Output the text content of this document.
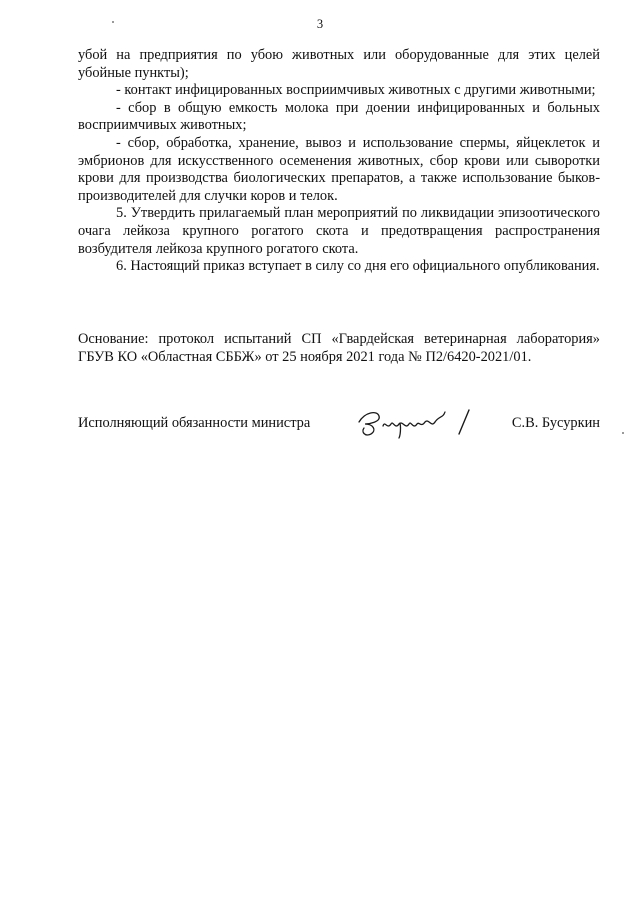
3

убой на предприятия по убою животных или оборудованные для этих целей убойные пункты);

- контакт инфицированных восприимчивых животных с другими животными;

- сбор в общую емкость молока при доении инфицированных и больных восприимчивых животных;

- сбор, обработка, хранение, вывоз и использование спермы, яйцеклеток и эмбрионов для искусственного осеменения животных, сбор крови или сыворотки крови для производства биологических препаратов, а также использование быков-производителей для случки коров и телок.

5. Утвердить прилагаемый план мероприятий по ликвидации эпизоотического очага лейкоза крупного рогатого скота и предотвращения распространения возбудителя лейкоза крупного рогатого скота.

6. Настоящий приказ вступает в силу со дня его официального опубликования.

Основание: протокол испытаний СП «Гвардейская ветеринарная лаборатория» ГБУВ КО «Областная СББЖ» от 25 ноября 2021 года № П2/6420-2021/01.

Исполняющий обязанности министра	С.В. Бусуркин
